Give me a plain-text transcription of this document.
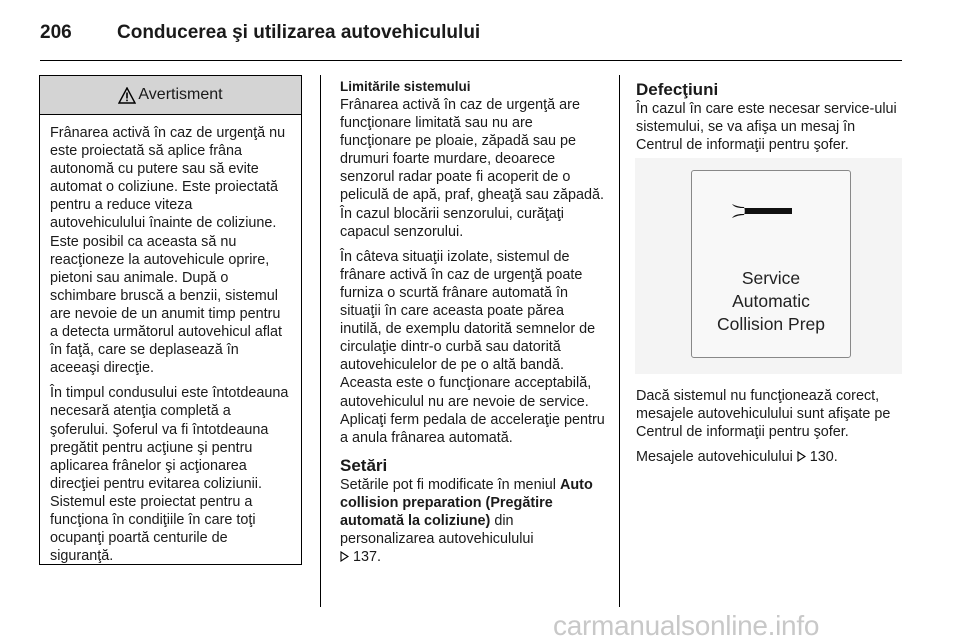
206 Conducerea şi utilizarea autovehiculului
Avertisment

Frânarea activă în caz de urgenţă nu este proiectată să aplice frâna autonomă cu putere sau să evite automat o coliziune. Este proiectată pentru a reduce viteza autovehiculului înainte de coliziune. Este posibil ca aceasta să nu reacţioneze la autovehicule oprire, pietoni sau animale. După o schimbare bruscă a benzii, sistemul are nevoie de un anumit timp pentru a detecta următorul autovehicul aflat în faţă, care se deplasează în aceeaşi direcţie.

În timpul condusului este întotdeauna necesară atenţia completă a şoferului. Şoferul va fi întotdeauna pregătit pentru acţiune şi pentru aplicarea frânelor şi acţionarea direcţiei pentru evitarea coliziunii. Sistemul este proiectat pentru a funcţiona în condiţiile în care toţi ocupanţi poartă centurile de siguranţă.

Limitările sistemului

Frânarea activă în caz de urgenţă are funcţionare limitată sau nu are funcţionare pe ploaie, zăpadă sau pe drumuri foarte murdare, deoarece senzorul radar poate fi acoperit de o peliculă de apă, praf, gheaţă sau zăpadă. În cazul blocării senzorului, curăţaţi capacul senzorului.

În câteva situaţii izolate, sistemul de frânare activă în caz de urgenţă poate furniza o scurtă frânare automată în situaţii în care aceasta poate părea inutilă, de exemplu datorită semnelor de circulaţie dintr-o curbă sau datorită autovehiculelor de pe o altă bandă. Aceasta este o funcţionare acceptabilă, autovehiculul nu are nevoie de service. Aplicaţi ferm pedala de acceleraţie pentru a anula frânarea automată.

Setări

Setările pot fi modificate în meniul Auto collision preparation (Pregătire automată la coliziune) din personalizarea autovehiculului
137.

Defecţiuni

În cazul în care este necesar service-ului sistemului, se va afişa un mesaj în Centrul de informaţii pentru şofer.

Service
Automatic
Collision Prep

Dacă sistemul nu funcţionează corect, mesajele autovehiculului sunt afişate pe Centrul de informaţii pentru şofer.

Mesajele autovehiculului 130.

carmanualsonline.info
